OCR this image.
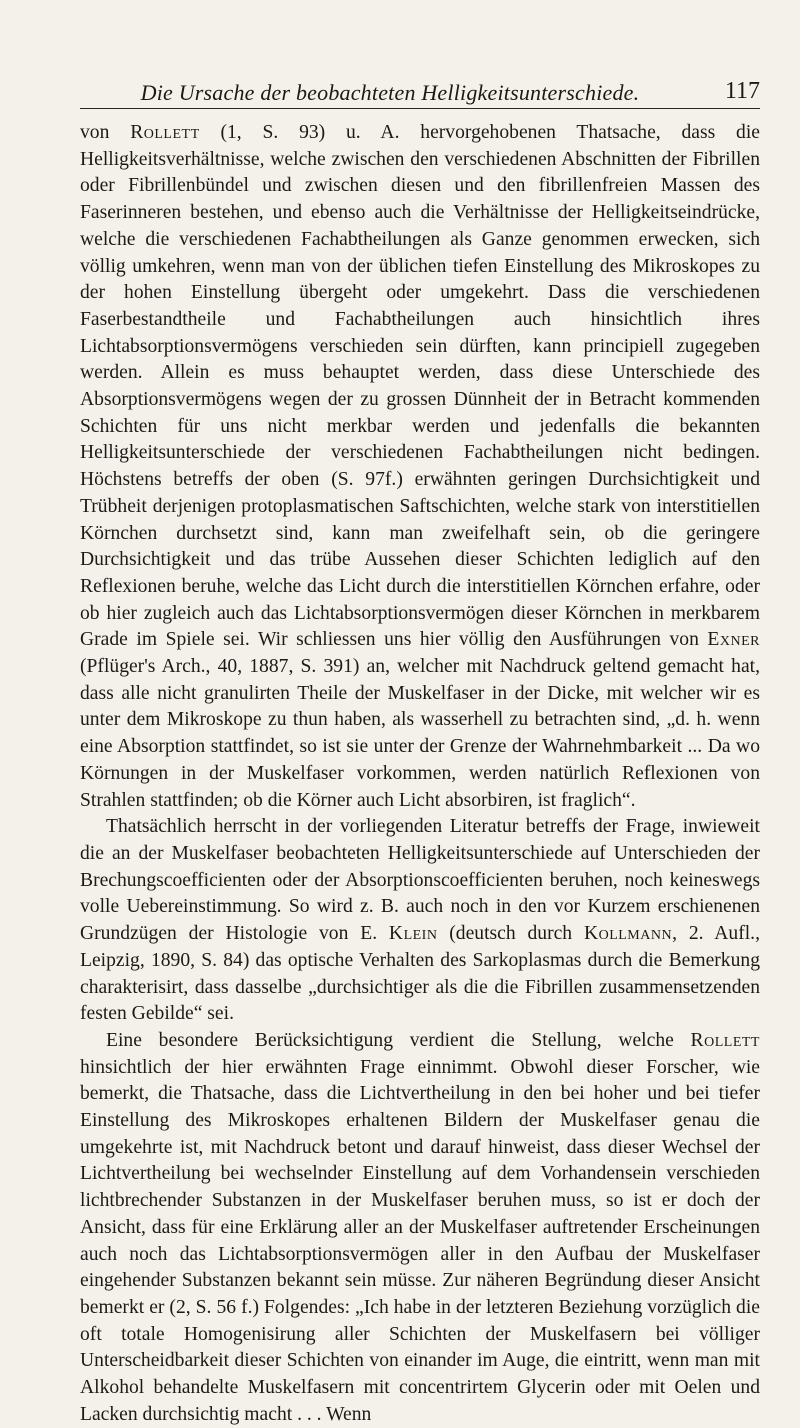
Die Ursache der beobachteten Helligkeitsunterschiede.	117

von Rollett (1, S. 93) u. A. hervorgehobenen Thatsache, dass die Helligkeitsverhältnisse, welche zwischen den verschiedenen Abschnitten der Fibrillen oder Fibrillenbündel und zwischen diesen und den fibrillenfreien Massen des Faserinneren bestehen, und ebenso auch die Verhältnisse der Helligkeitseindrücke, welche die verschiedenen Fachabtheilungen als Ganze genommen erwecken, sich völlig umkehren, wenn man von der üblichen tiefen Einstellung des Mikroskopes zu der hohen Einstellung übergeht oder umgekehrt. Dass die verschiedenen Faserbestandtheile und Fachabtheilungen auch hinsichtlich ihres Lichtabsorptionsvermögens verschieden sein dürften, kann principiell zugegeben werden. Allein es muss behauptet werden, dass diese Unterschiede des Absorptionsvermögens wegen der zu grossen Dünnheit der in Betracht kommenden Schichten für uns nicht merkbar werden und jedenfalls die bekannten Helligkeitsunterschiede der verschiedenen Fachabtheilungen nicht bedingen. Höchstens betreffs der oben (S. 97f.) erwähnten geringen Durchsichtigkeit und Trübheit derjenigen protoplasmatischen Saftschichten, welche stark von interstitiellen Körnchen durchsetzt sind, kann man zweifelhaft sein, ob die geringere Durchsichtigkeit und das trübe Aussehen dieser Schichten lediglich auf den Reflexionen beruhe, welche das Licht durch die interstitiellen Körnchen erfahre, oder ob hier zugleich auch das Lichtabsorptionsvermögen dieser Körnchen in merkbarem Grade im Spiele sei. Wir schliessen uns hier völlig den Ausführungen von Exner (Pflüger's Arch., 40, 1887, S. 391) an, welcher mit Nachdruck geltend gemacht hat, dass alle nicht granulirten Theile der Muskelfaser in der Dicke, mit welcher wir es unter dem Mikroskope zu thun haben, als wasserhell zu betrachten sind, „d. h. wenn eine Absorption stattfindet, so ist sie unter der Grenze der Wahrnehmbarkeit ... Da wo Körnungen in der Muskelfaser vorkommen, werden natürlich Reflexionen von Strahlen stattfinden; ob die Körner auch Licht absorbiren, ist fraglich“.

Thatsächlich herrscht in der vorliegenden Literatur betreffs der Frage, inwieweit die an der Muskelfaser beobachteten Helligkeitsunterschiede auf Unterschieden der Brechungscoefficienten oder der Absorptionscoefficienten beruhen, noch keineswegs volle Uebereinstimmung. So wird z. B. auch noch in den vor Kurzem erschienenen Grundzügen der Histologie von E. Klein (deutsch durch Kollmann, 2. Aufl., Leipzig, 1890, S. 84) das optische Verhalten des Sarkoplasmas durch die Bemerkung charakterisirt, dass dasselbe „durchsichtiger als die die Fibrillen zusammensetzenden festen Gebilde“ sei.

Eine besondere Berücksichtigung verdient die Stellung, welche Rollett hinsichtlich der hier erwähnten Frage einnimmt. Obwohl dieser Forscher, wie bemerkt, die Thatsache, dass die Lichtvertheilung in den bei hoher und bei tiefer Einstellung des Mikroskopes erhaltenen Bildern der Muskelfaser genau die umgekehrte ist, mit Nachdruck betont und darauf hinweist, dass dieser Wechsel der Lichtvertheilung bei wechselnder Einstellung auf dem Vorhandensein verschieden lichtbrechender Substanzen in der Muskelfaser beruhen muss, so ist er doch der Ansicht, dass für eine Erklärung aller an der Muskelfaser auftretender Erscheinungen auch noch das Lichtabsorptionsvermögen aller in den Aufbau der Muskelfaser eingehender Substanzen bekannt sein müsse. Zur näheren Begründung dieser Ansicht bemerkt er (2, S. 56 f.) Folgendes: „Ich habe in der letzteren Beziehung vorzüglich die oft totale Homogenisirung aller Schichten der Muskelfasern bei völliger Unterscheidbarkeit dieser Schichten von einander im Auge, die eintritt, wenn man mit Alkohol behandelte Muskelfasern mit concentrirtem Glycerin oder mit Oelen und Lacken durchsichtig macht . . . Wenn
